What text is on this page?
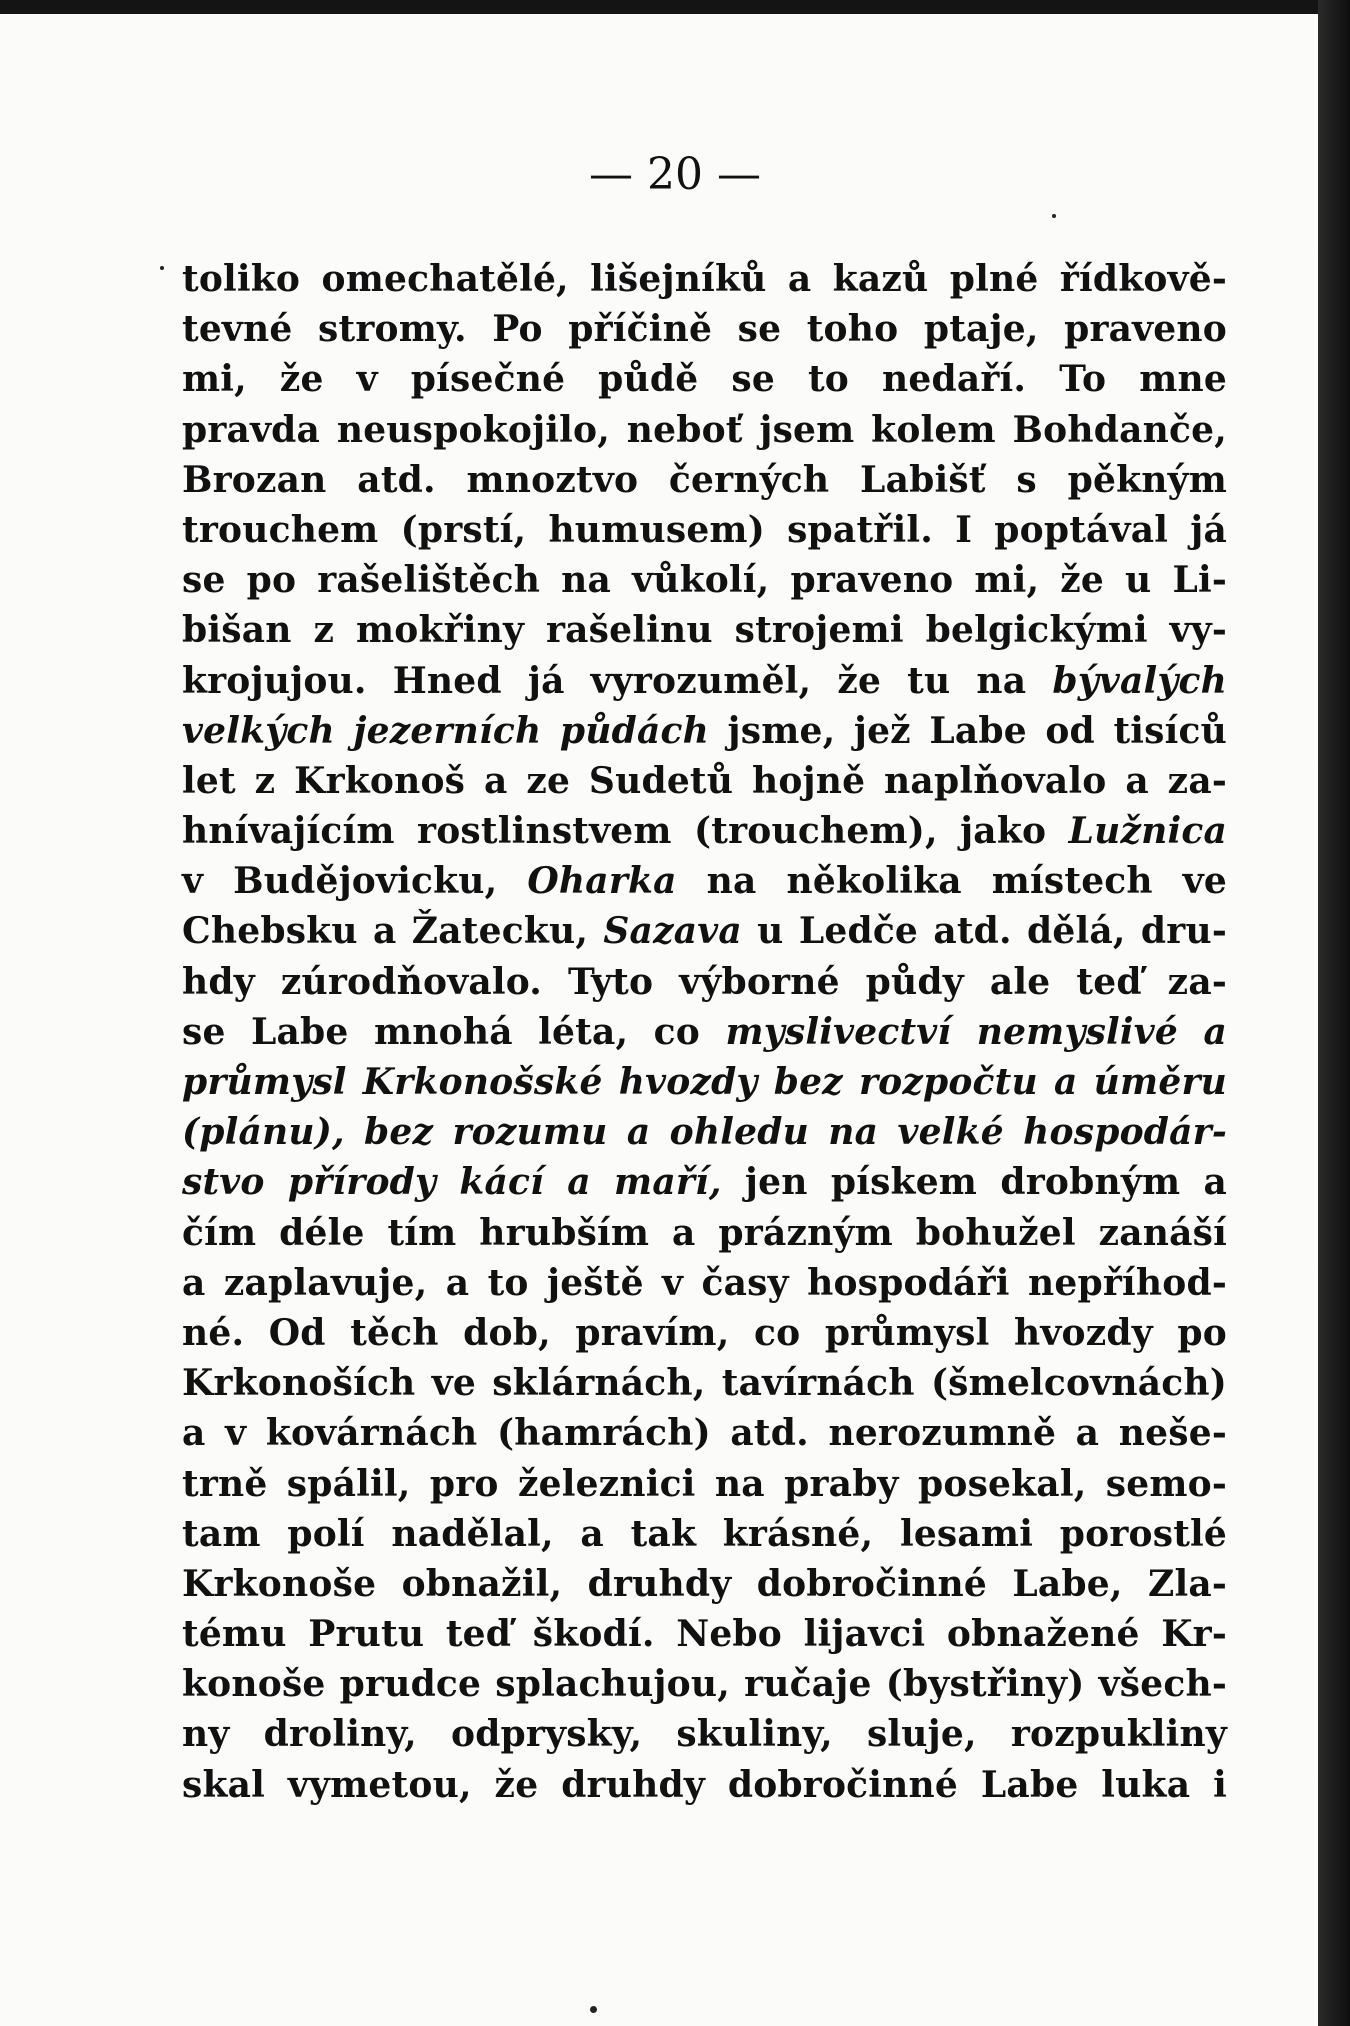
— 20 —
toliko omechatělé, lišejníků a kazů plné řídkově-
tevné stromy. Po příčině se toho ptaje, praveno
mi, že v písečné půdě se to nedaří. To mne
pravda neuspokojilo, neboť jsem kolem Bohdanče,
Brozan atd. mnoztvo černých Labišť s pěkným
trouchem (prstí, humusem) spatřil. I poptával já
se po rašelištěch na vůkolí, praveno mi, že u Li-
bišan z mokřiny rašelinu strojemi belgickými vy-
krojujou. Hned já vyrozuměl, že tu na bývalých
velkých jezerních půdách jsme, jež Labe od tisíců
let z Krkonoš a ze Sudetů hojně naplňovalo a za-
hnívajícím rostlinstvem (trouchem), jako Lužnica
v Budějovicku, Oharka na několika místech ve
Chebsku a Žatecku, Sazava u Ledče atd. dělá, dru-
hdy zúrodňovalo. Tyto výborné půdy ale teď za-
se Labe mnohá léta, co myslivectví nemyslivé a
průmysl Krkonošské hvozdy bez rozpočtu a úměru
(plánu), bez rozumu a ohledu na velké hospodár-
stvo přírody kácí a maří, jen pískem drobným a
čím déle tím hrubším a prázným bohužel zanáší
a zaplavuje, a to ještě v časy hospodáři nepříhod-
né. Od těch dob, pravím, co průmysl hvozdy po
Krkonoších ve sklárnách, tavírnách (šmelcovnách)
a v kovárnách (hamrách) atd. nerozumně a neše-
trně spálil, pro železnici na praby posekal, semo-
tam polí nadělal, a tak krásné, lesami porostlé
Krkonoše obnažil, druhdy dobročinné Labe, Zla-
tému Prutu teď škodí. Nebo lijavci obnažené Kr-
konoše prudce splachujou, ručaje (bystřiny) všech-
ny droliny, odprysky, skuliny, sluje, rozpukliny
skal vymetou, že druhdy dobročinné Labe luka i
